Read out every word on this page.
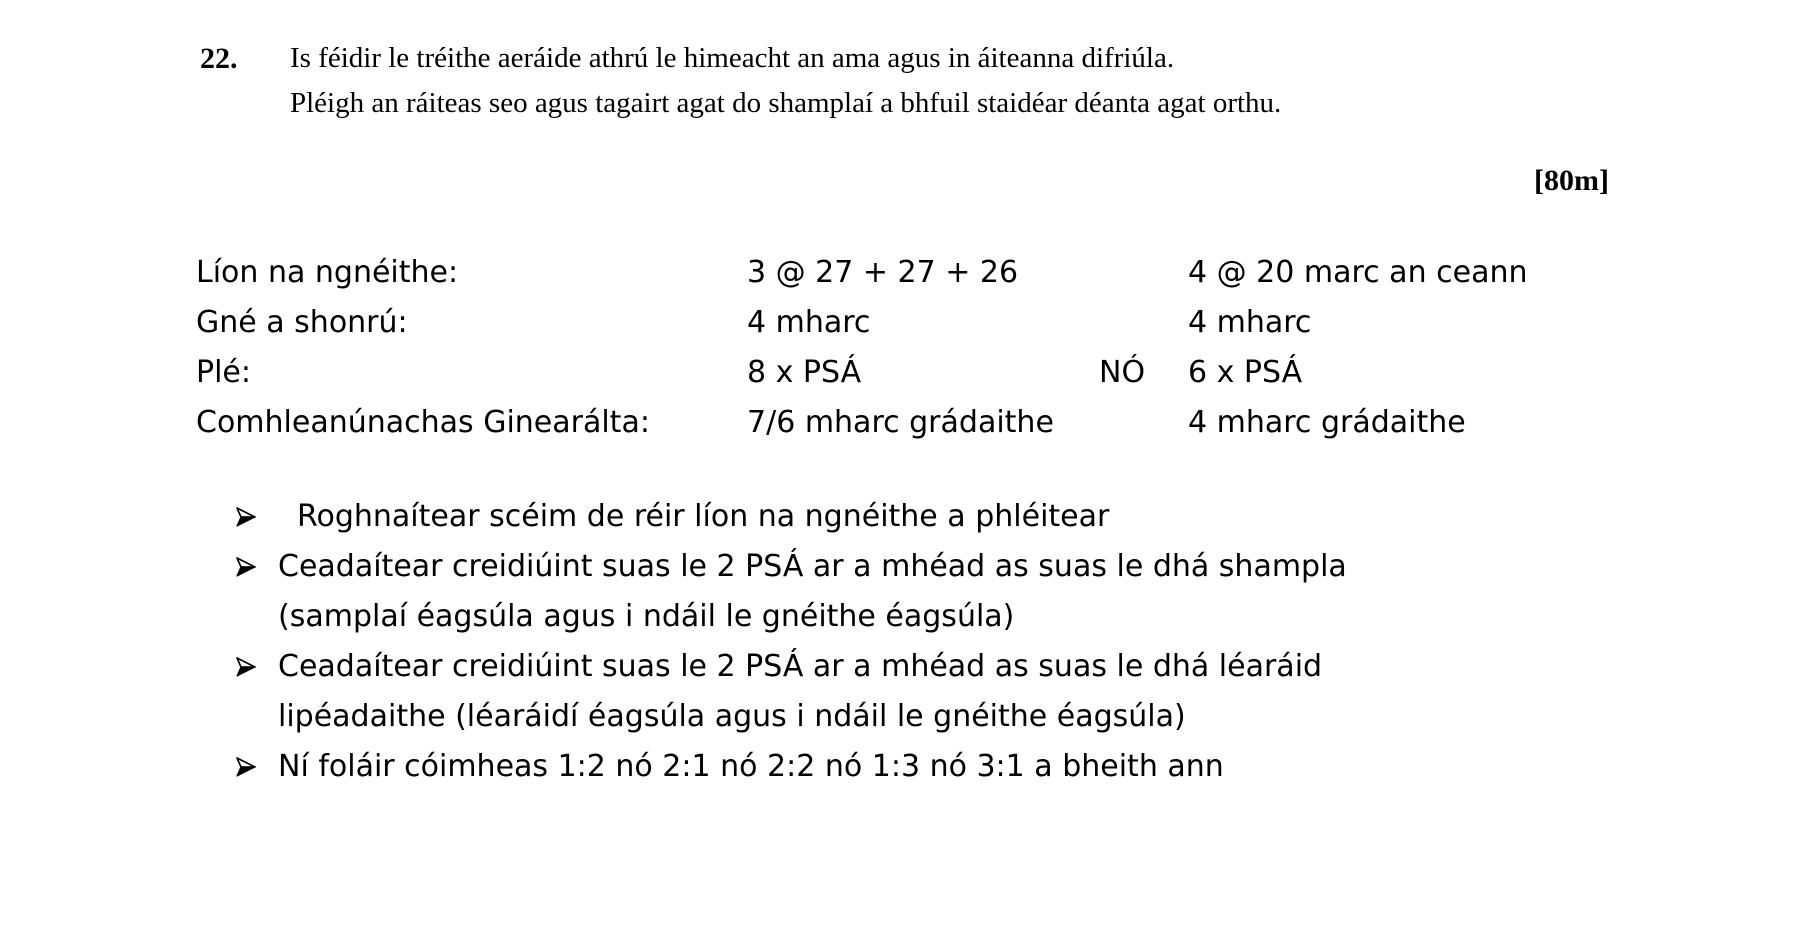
22. Is féidir le tréithe aeráide athrú le himeacht an ama agus in áiteanna difriúla.
Pléigh an ráiteas seo agus tagairt agat do shamplaí a bhfuil staidéar déanta agat orthu.
[80m]
Líon na ngnéithe:	3 @ 27 + 27 + 26	4 @ 20 marc an ceann
Gné a shonrú:	4 mharc	4 mharc
Plé:	8 x PSÁ	NÓ	6 x PSÁ
Comhleanúnachas Ginearálta:	7/6 mharc grádaithe	4 mharc grádaithe
Roghnaítear scéim de réir líon na ngnéithe a phléitear
Ceadaítear creidiúint suas le 2 PSÁ ar a mhéad as suas le dhá shampla
(samplaí éagsúla agus i ndáil le gnéithe éagsúla)
Ceadaítear creidiúint suas le 2 PSÁ ar a mhéad as suas le dhá léaráid
lipéadaithe (léaráidí éagsúla agus i ndáil le gnéithe éagsúla)
Ní foláir cóimheas 1:2 nó 2:1 nó 2:2 nó 1:3 nó 3:1 a bheith ann
